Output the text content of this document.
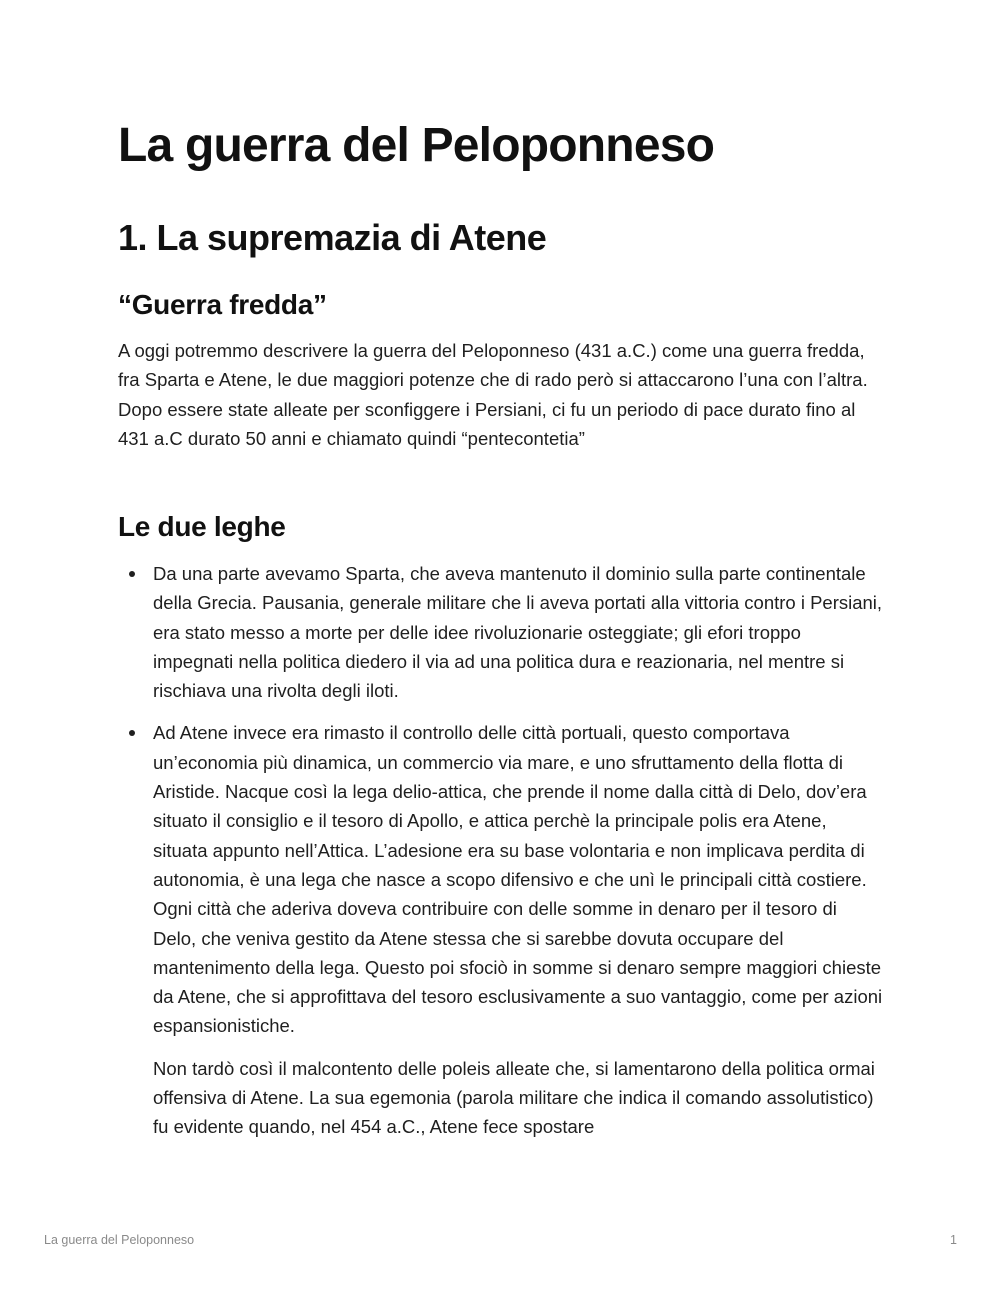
La guerra del Peloponneso
1. La supremazia di Atene
“Guerra fredda”

A oggi potremmo descrivere la guerra del Peloponneso (431 a.C.) come una guerra fredda, fra Sparta e Atene, le due maggiori potenze che di rado però si attaccarono l’una con l’altra. Dopo essere state alleate per sconfiggere i Persiani, ci fu un periodo di pace durato fino al 431 a.C durato 50 anni e chiamato quindi “pentecontetia”

Le due leghe

Da una parte avevamo Sparta, che aveva mantenuto il dominio sulla parte continentale della Grecia. Pausania, generale militare che li aveva portati alla vittoria contro i Persiani, era stato messo a morte per delle idee rivoluzionarie osteggiate; gli efori troppo impegnati nella politica diedero il via ad una politica dura e reazionaria, nel mentre si rischiava una rivolta degli iloti.

Ad Atene invece era rimasto il controllo delle città portuali, questo comportava un’economia più dinamica, un commercio via mare, e uno sfruttamento della flotta di Aristide. Nacque così la lega delio-attica, che prende il nome dalla città di Delo, dov’era situato il consiglio e il tesoro di Apollo, e attica perchè la principale polis era Atene, situata appunto nell’Attica. L’adesione era su base volontaria e non implicava perdita di autonomia, è una lega che nasce a scopo difensivo e che unì le principali città costiere. Ogni città che aderiva doveva contribuire con delle somme in denaro per il tesoro di Delo, che veniva gestito da Atene stessa che si sarebbe dovuta occupare del mantenimento della lega. Questo poi sfociò in somme si denaro sempre maggiori chieste da Atene, che si approfittava del tesoro esclusivamente a suo vantaggio, come per azioni espansionistiche.

Non tardò così il malcontento delle poleis alleate che, si lamentarono della politica ormai offensiva di Atene. La sua egemonia (parola militare che indica il comando assolutistico) fu evidente quando, nel 454 a.C., Atene fece spostare

La guerra del Peloponneso	1
